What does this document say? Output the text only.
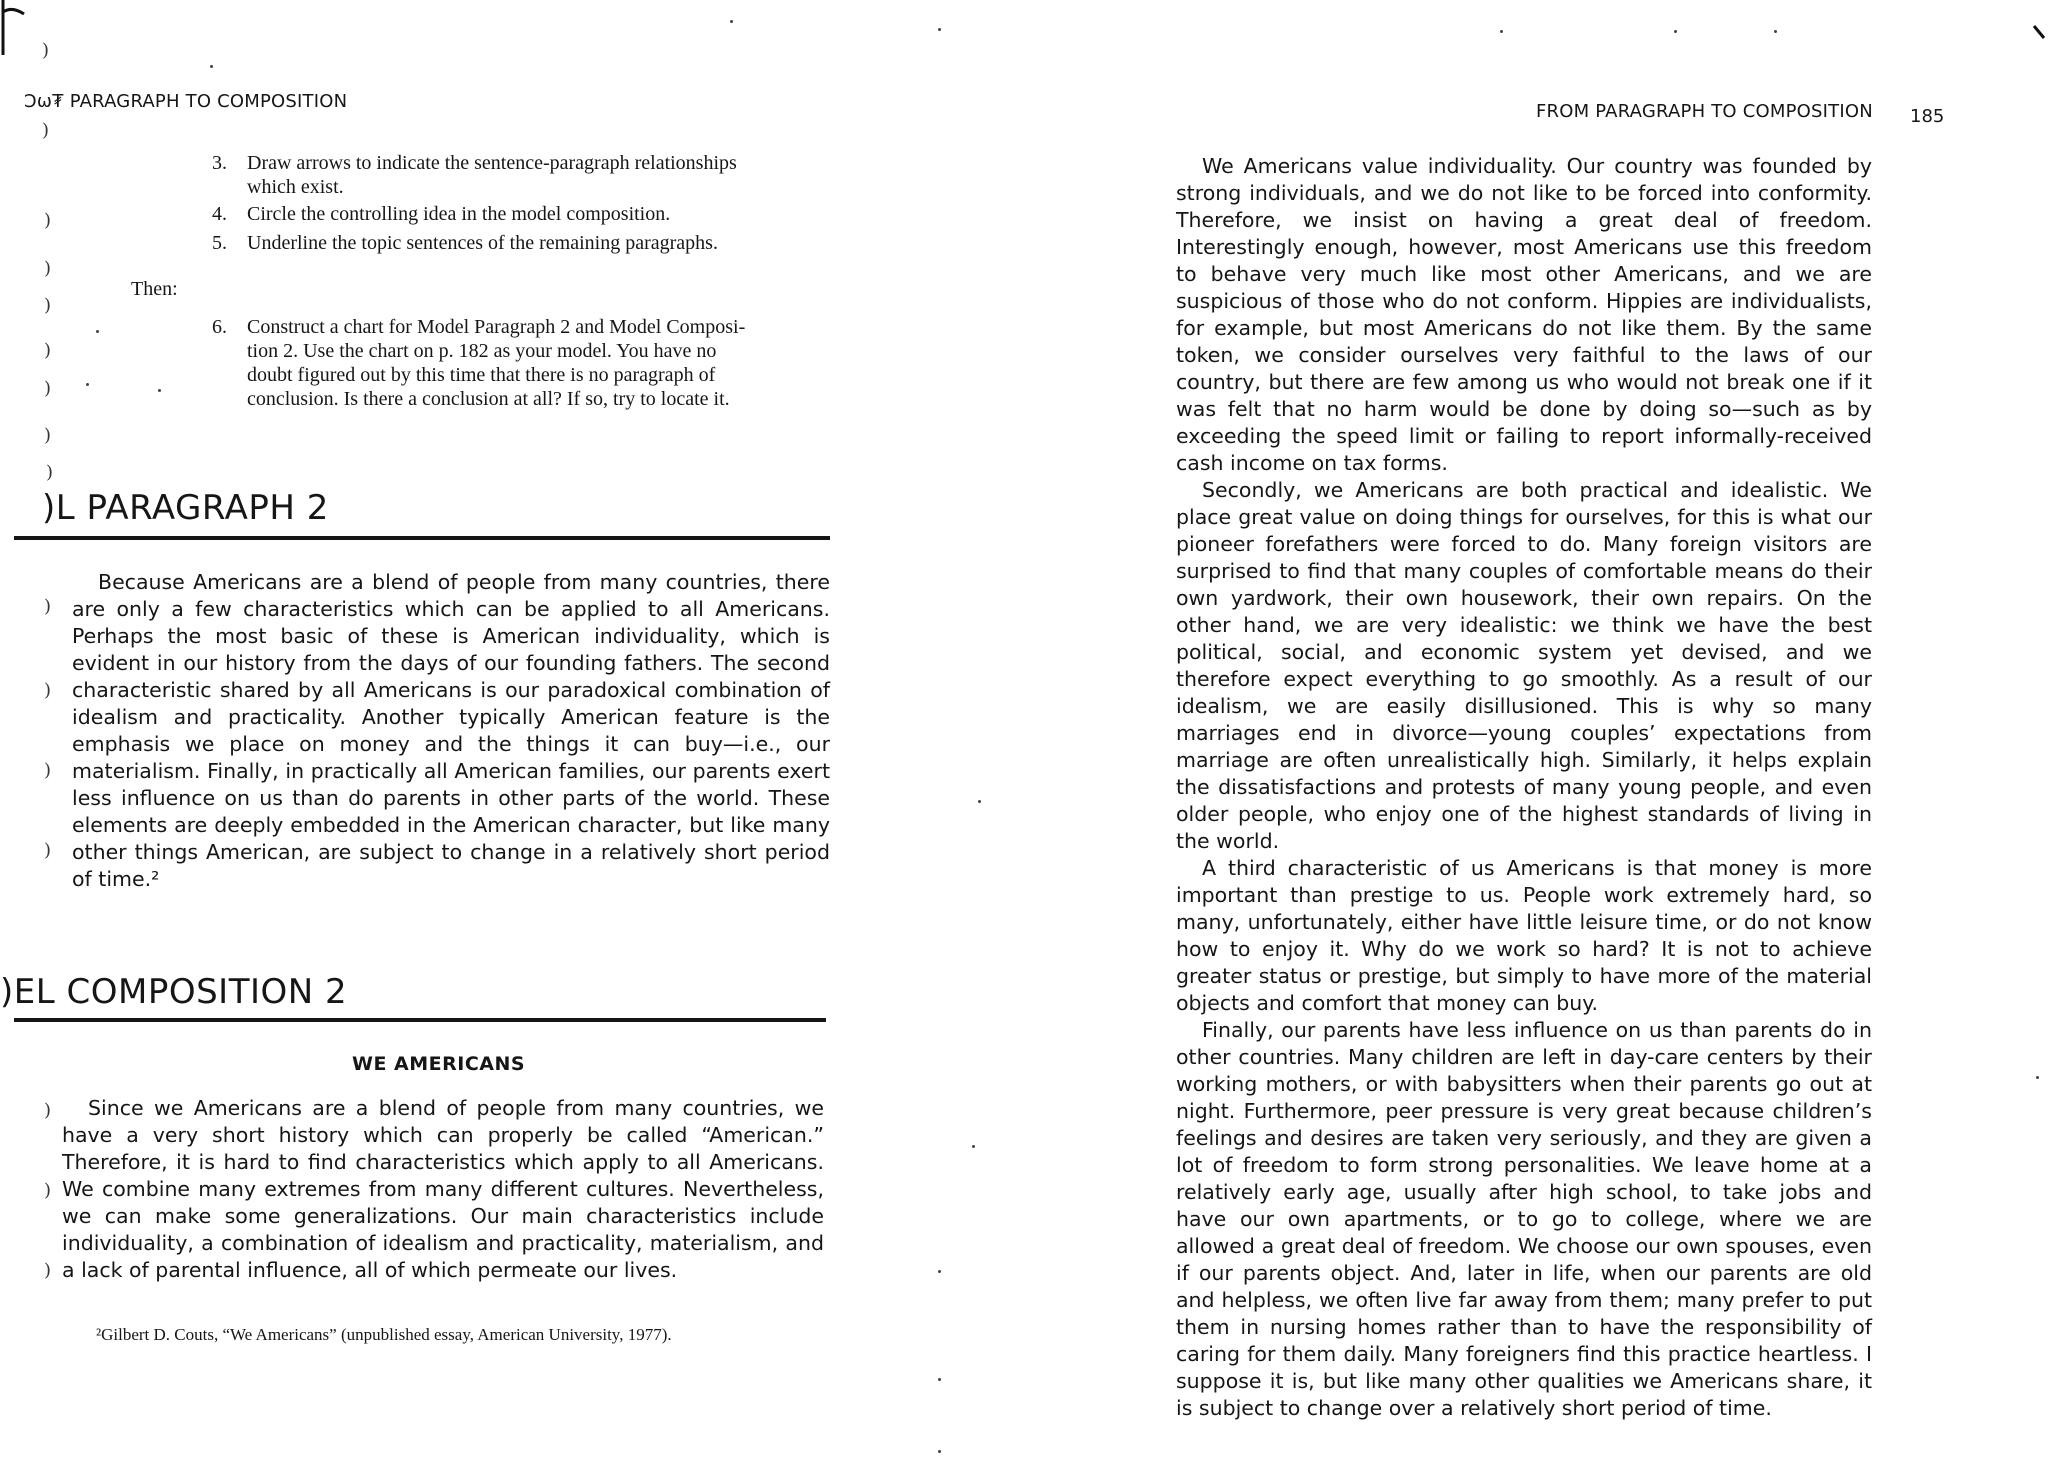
Ɔω₮ PARAGRAPH TO COMPOSITION
3. Draw arrows to indicate the sentence-paragraph relationships
which exist.
4. Circle the controlling idea in the model composition.
5. Underline the topic sentences of the remaining paragraphs.
Then:
6. Construct a chart for Model Paragraph 2 and Model Composi-
tion 2. Use the chart on p. 182 as your model. You have no
doubt figured out by this time that there is no paragraph of
conclusion. Is there a conclusion at all? If so, try to locate it.
)L PARAGRAPH 2

Because Americans are a blend of people from many countries, there are only a few characteristics which can be applied to all Americans. Perhaps the most basic of these is American individuality, which is evident in our history from the days of our founding fathers. The second characteristic shared by all Americans is our paradoxical combination of idealism and practicality. Another typically American feature is the emphasis we place on money and the things it can buy—i.e., our materialism. Finally, in practically all American families, our parents exert less influence on us than do parents in other parts of the world. These elements are deeply embedded in the American character, but like many other things American, are subject to change in a relatively short period of time.²

)EL COMPOSITION 2
WE AMERICANS

Since we Americans are a blend of people from many countries, we have a very short history which can properly be called “American.” Therefore, it is hard to find characteristics which apply to all Americans. We combine many extremes from many different cultures. Nevertheless, we can make some generalizations. Our main characteristics include individuality, a combination of idealism and practicality, materialism, and a lack of parental influence, all of which permeate our lives.

²Gilbert D. Couts, “We Americans” (unpublished essay, American University, 1977).
)
)
)
)
)
)
)
)
)
)
)
)
)
)
)
)
FROM PARAGRAPH TO COMPOSITION 185

We Americans value individuality. Our country was founded by strong individuals, and we do not like to be forced into conformity. Therefore, we insist on having a great deal of freedom. Interestingly enough, however, most Americans use this freedom to behave very much like most other Americans, and we are suspicious of those who do not conform. Hippies are individualists, for example, but most Americans do not like them. By the same token, we consider ourselves very faithful to the laws of our country, but there are few among us who would not break one if it was felt that no harm would be done by doing so—such as by exceeding the speed limit or failing to report informally-received cash income on tax forms.

Secondly, we Americans are both practical and idealistic. We place great value on doing things for ourselves, for this is what our pioneer forefathers were forced to do. Many foreign visitors are surprised to find that many couples of comfortable means do their own yardwork, their own housework, their own repairs. On the other hand, we are very idealistic: we think we have the best political, social, and economic system yet devised, and we therefore expect everything to go smoothly. As a result of our idealism, we are easily disillusioned. This is why so many marriages end in divorce—young couples’ expectations from marriage are often unrealistically high. Similarly, it helps explain the dissatisfactions and protests of many young people, and even older people, who enjoy one of the highest standards of living in the world.

A third characteristic of us Americans is that money is more important than prestige to us. People work extremely hard, so many, unfortunately, either have little leisure time, or do not know how to enjoy it. Why do we work so hard? It is not to achieve greater status or prestige, but simply to have more of the material objects and comfort that money can buy.

Finally, our parents have less influence on us than parents do in other countries. Many children are left in day-care centers by their working mothers, or with babysitters when their parents go out at night. Furthermore, peer pressure is very great because children’s feelings and desires are taken very seriously, and they are given a lot of freedom to form strong personalities. We leave home at a relatively early age, usually after high school, to take jobs and have our own apartments, or to go to college, where we are allowed a great deal of freedom. We choose our own spouses, even if our parents object. And, later in life, when our parents are old and helpless, we often live far away from them; many prefer to put them in nursing homes rather than to have the responsibility of caring for them daily. Many foreigners find this practice heartless. I suppose it is, but like many other qualities we Americans share, it is subject to change over a relatively short period of time.
